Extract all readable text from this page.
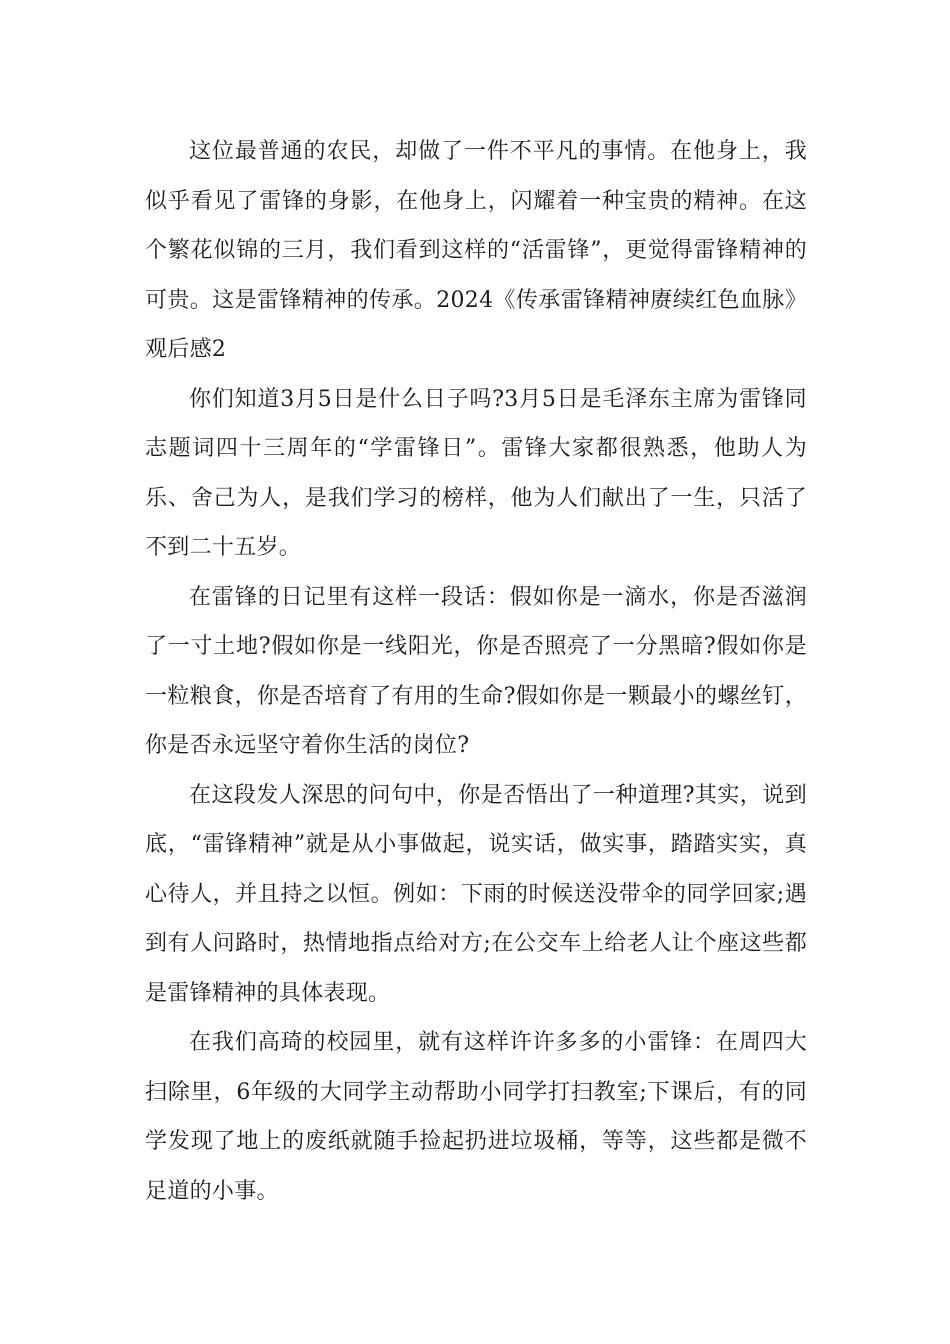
这位最普通的农民，却做了一件不平凡的事情。在他身上，我似乎看见了雷锋的身影，在他身上，闪耀着一种宝贵的精神。在这个繁花似锦的三月，我们看到这样的“活雷锋”，更觉得雷锋精神的可贵。这是雷锋精神的传承。2024《传承雷锋精神赓续红色血脉》观后感2

你们知道3月5日是什么日子吗?3月5日是毛泽东主席为雷锋同志题词四十三周年的“学雷锋日”。雷锋大家都很熟悉，他助人为乐、舍己为人，是我们学习的榜样，他为人们献出了一生，只活了不到二十五岁。

在雷锋的日记里有这样一段话：假如你是一滴水，你是否滋润了一寸土地?假如你是一线阳光，你是否照亮了一分黑暗?假如你是一粒粮食，你是否培育了有用的生命?假如你是一颗最小的螺丝钉，你是否永远坚守着你生活的岗位?

在这段发人深思的问句中，你是否悟出了一种道理?其实，说到底，“雷锋精神”就是从小事做起，说实话，做实事，踏踏实实，真心待人，并且持之以恒。例如：下雨的时候送没带伞的同学回家;遇到有人问路时，热情地指点给对方;在公交车上给老人让个座这些都是雷锋精神的具体表现。

在我们高琦的校园里，就有这样许许多多的小雷锋：在周四大扫除里，6年级的大同学主动帮助小同学打扫教室;下课后，有的同学发现了地上的废纸就随手捡起扔进垃圾桶，等等，这些都是微不足道的小事。
